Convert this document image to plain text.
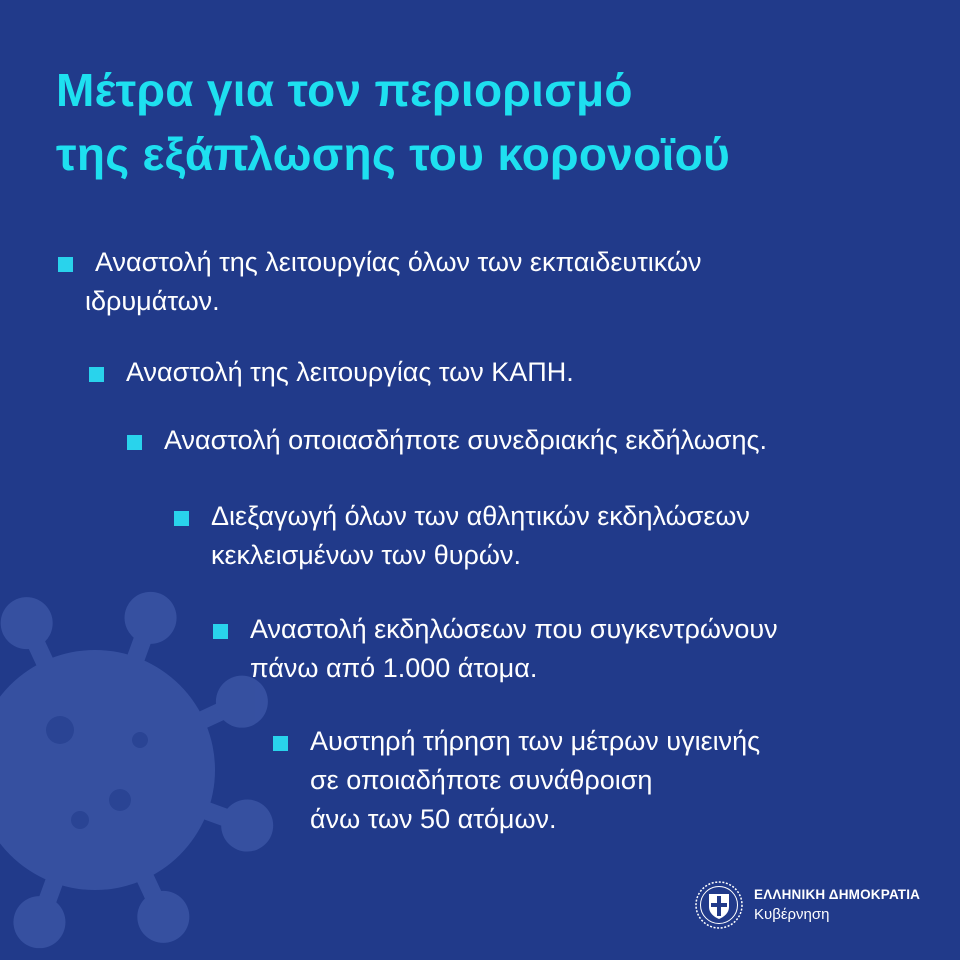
Μέτρα για τον περιορισμό
της εξάπλωσης του κορονοϊού

Αναστολή της λειτουργίας όλων των εκπαιδευτικών
ιδρυμάτων.

Αναστολή της λειτουργίας των ΚΑΠΗ.

Αναστολή οποιασδήποτε συνεδριακής εκδήλωσης.

Διεξαγωγή όλων των αθλητικών εκδηλώσεων
κεκλεισμένων των θυρών.

Αναστολή εκδηλώσεων που συγκεντρώνουν
πάνω από 1.000 άτομα.

Αυστηρή τήρηση των μέτρων υγιεινής
σε οποιαδήποτε συνάθροιση
άνω των 50 ατόμων.

ΕΛΛΗΝΙΚΗ ΔΗΜΟΚΡΑΤΙΑ
Κυβέρνηση
